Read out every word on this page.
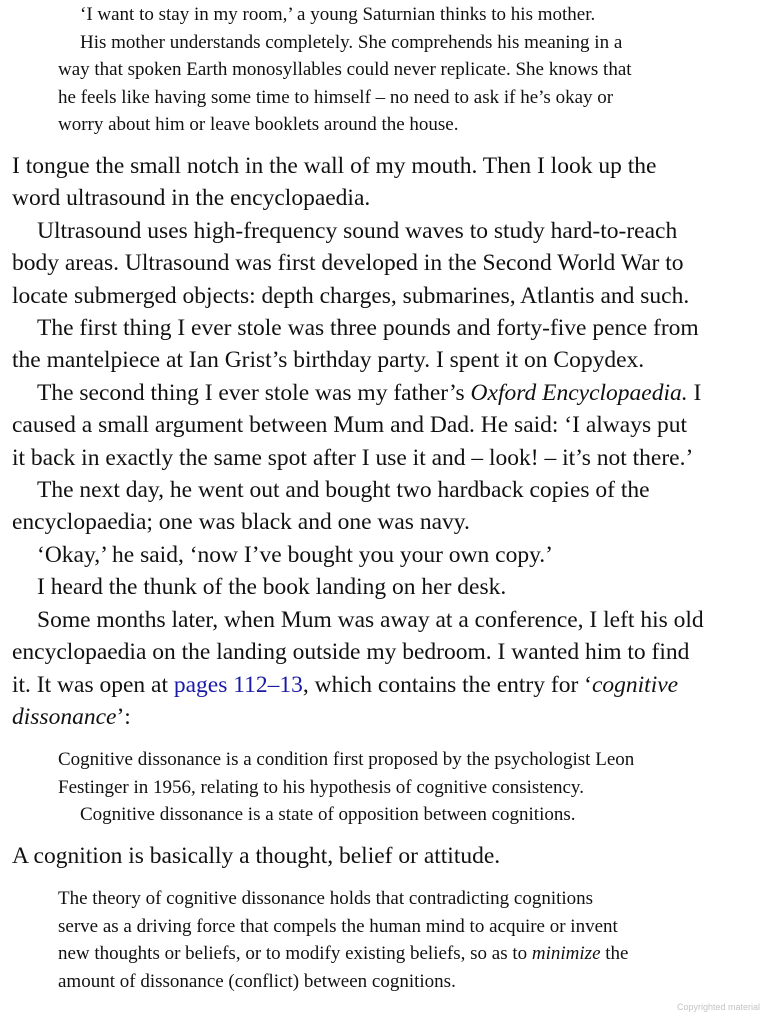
‘I want to stay in my room,’ a young Saturnian thinks to his mother.

His mother understands completely. She comprehends his meaning in a
way that spoken Earth monosyllables could never replicate. She knows that
he feels like having some time to himself – no need to ask if he’s okay or
worry about him or leave booklets around the house.

I tongue the small notch in the wall of my mouth. Then I look up the
word ultrasound in the encyclopaedia.

Ultrasound uses high-frequency sound waves to study hard-to-reach
body areas. Ultrasound was first developed in the Second World War to
locate submerged objects: depth charges, submarines, Atlantis and such.

The first thing I ever stole was three pounds and forty-five pence from
the mantelpiece at Ian Grist’s birthday party. I spent it on Copydex.

The second thing I ever stole was my father’s Oxford Encyclopaedia. I
caused a small argument between Mum and Dad. He said: ‘I always put
it back in exactly the same spot after I use it and – look! – it’s not there.’

The next day, he went out and bought two hardback copies of the
encyclopaedia; one was black and one was navy.

‘Okay,’ he said, ‘now I’ve bought you your own copy.’

I heard the thunk of the book landing on her desk.

Some months later, when Mum was away at a conference, I left his old
encyclopaedia on the landing outside my bedroom. I wanted him to find
it. It was open at pages 112–13, which contains the entry for ‘cognitive
dissonance’:

Cognitive dissonance is a condition first proposed by the psychologist Leon
Festinger in 1956, relating to his hypothesis of cognitive consistency.

Cognitive dissonance is a state of opposition between cognitions.

A cognition is basically a thought, belief or attitude.

The theory of cognitive dissonance holds that contradicting cognitions
serve as a driving force that compels the human mind to acquire or invent
new thoughts or beliefs, or to modify existing beliefs, so as to minimize the
amount of dissonance (conflict) between cognitions.

Copyrighted material
